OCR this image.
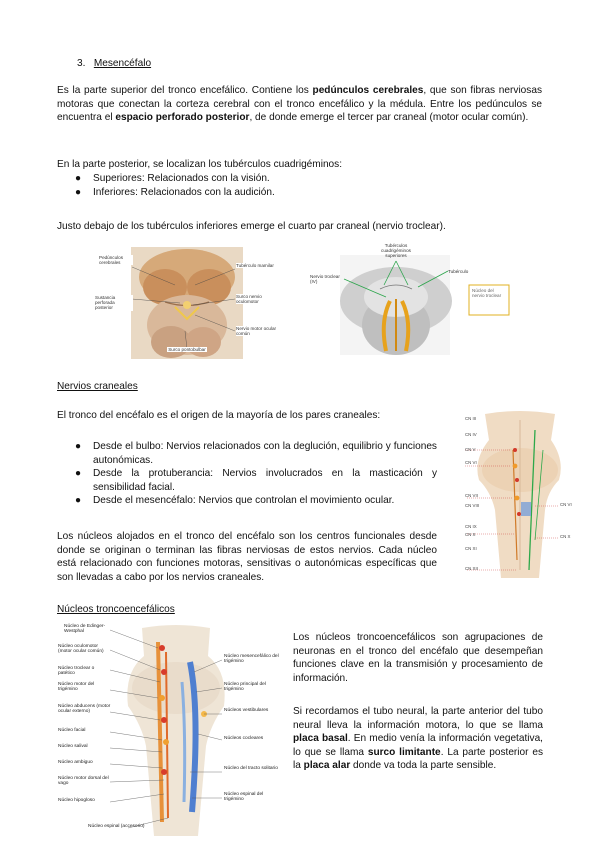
3. Mesencéfalo
Es la parte superior del tronco encefálico. Contiene los pedúnculos cerebrales, que son fibras nerviosas motoras que conectan la corteza cerebral con el tronco encefálico y la médula. Entre los pedúnculos se encuentra el espacio perforado posterior, de donde emerge el tercer par craneal (motor ocular común).
En la parte posterior, se localizan los tubérculos cuadrigéminos:
● Superiores: Relacionados con la visión.
● Inferiores: Relacionados con la audición.
Justo debajo de los tubérculos inferiores emerge el cuarto par craneal (nervio troclear).
Pedúnculos cerebrales
Tubérculo mamilar
Sustancia perforada posterior
Surco nervio oculomotor
Nervio motor ocular común
Surco pontobulbar
Tubérculos cuadrigéminos superiores
Tubérculo
Nervio troclear (IV)
Núcleo del nervio troclear
Nervios craneales
El tronco del encéfalo es el origen de la mayoría de los pares craneales:
● Desde el bulbo: Nervios relacionados con la deglución, equilibrio y funciones autonómicas.
● Desde la protuberancia: Nervios involucrados en la masticación y sensibilidad facial.
● Desde el mesencéfalo: Nervios que controlan el movimiento ocular.
Los núcleos alojados en el tronco del encéfalo son los centros funcionales desde donde se originan o terminan las fibras nerviosas de estos nervios. Cada núcleo está relacionado con funciones motoras, sensitivas o autonómicas específicas que son llevadas a cabo por los nervios craneales.
CN III
CN IV
CN V
CN VI
CN VII
CN VIII
CN IX
CN X
CN XI
CN XII
CN VI
CN X
Núcleos troncoencefálicos
Los núcleos troncoencefálicos son agrupaciones de neuronas en el tronco del encéfalo que desempeñan funciones clave en la transmisión y procesamiento de información.
Si recordamos el tubo neural, la parte anterior del tubo neural lleva la información motora, lo que se llama placa basal. En medio venía la información vegetativa, lo que se llama surco limitante. La parte posterior es la placa alar donde va toda la parte sensible.
Núcleo de Edinger-Westphal
Núcleo oculomotor (motor ocular común)
Núcleo troclear o patético
Núcleo motor del trigémino
Núcleo abducens (motor ocular externo)
Núcleo facial
Núcleo salival
Núcleo ambiguo
Núcleo motor dorsal del vago
Núcleo hipogloso
Núcleo espinal (accesorio)
Núcleo mesencefálico del trigémino
Núcleo principal del trigémino
Núcleos vestibulares
Núcleos cocleares
Núcleo del tracto solitario
Núcleo espinal del trigémino
